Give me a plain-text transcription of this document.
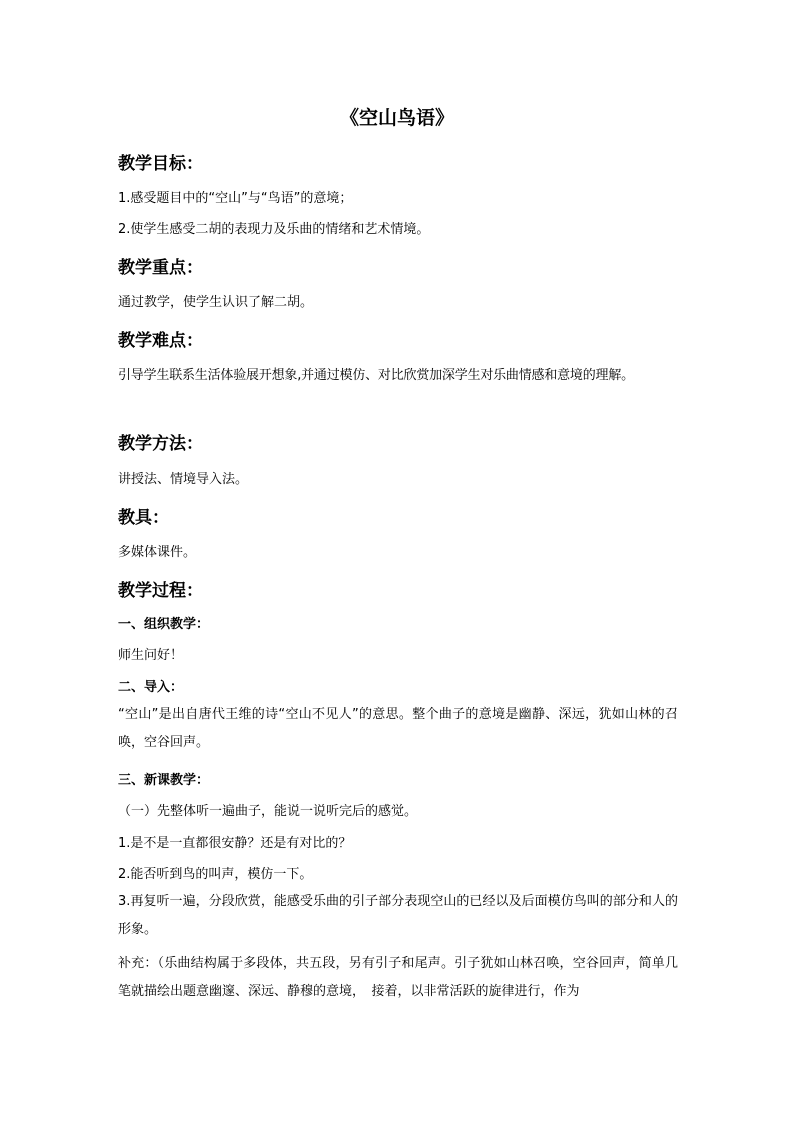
《空山鸟语》

教学目标：

1.感受题目中的“空山”与“鸟语”的意境；

2.使学生感受二胡的表现力及乐曲的情绪和艺术情境。

教学重点：

通过教学，使学生认识了解二胡。

教学难点：

引导学生联系生活体验展开想象,并通过模仿、对比欣赏加深学生对乐曲情感和意境的理解。

教学方法：

讲授法、情境导入法。

教具：

多媒体课件。

教学过程：

一、组织教学：

师生问好！

二、导入：

“空山”是出自唐代王维的诗“空山不见人”的意思。整个曲子的意境是幽静、深远，犹如山林的召唤，空谷回声。

三、新课教学：

（一）先整体听一遍曲子，能说一说听完后的感觉。

1.是不是一直都很安静？还是有对比的？

2.能否听到鸟的叫声，模仿一下。

3.再复听一遍，分段欣赏，能感受乐曲的引子部分表现空山的已经以及后面模仿鸟叫的部分和人的形象。

补充：（乐曲结构属于多段体，共五段，另有引子和尾声。引子犹如山林召唤，空谷回声，简单几笔就描绘出题意幽邃、深远、静穆的意境，　接着，以非常活跃的旋律进行，作为
